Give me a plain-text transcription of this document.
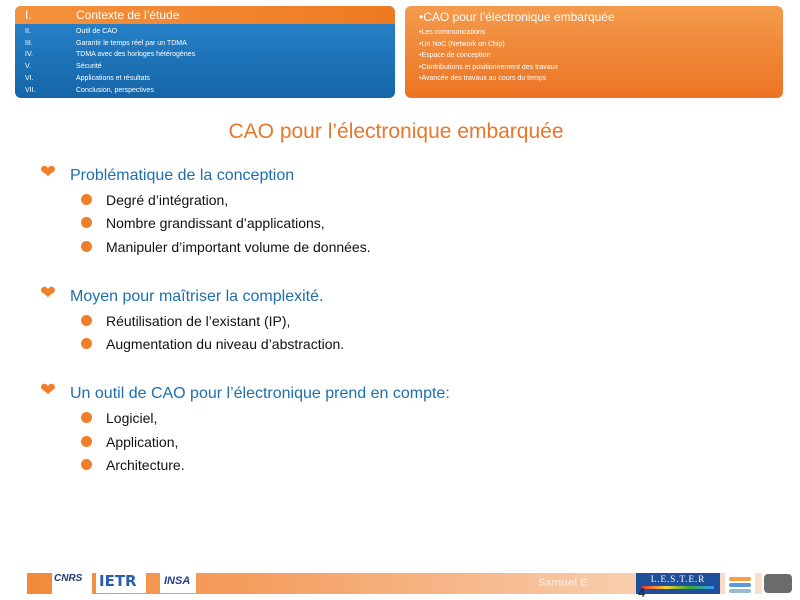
I.	Contexte de l’étude
II.	Outil de CAO
III.	Garantir le temps réel par un TDMA
IV.	TDMA avec des horloges hétérogènes
V.	Sécurité
VI.	Applications et résultats
VII.	Conclusion, perspectives
•CAO pour l’électronique embarquée
•Les communications
•Un NoC (Network on Chip)
•Espace de conception
•Contributions et positionnement des travaux
•Avancée des travaux au cours du temps
CAO pour l’électronique embarquée
❤ Problématique de la conception
Degré d’intégration,
Nombre grandissant d’applications,
Manipuler d’important volume de données.
❤ Moyen pour maîtriser la complexité.
Réutilisation de l’existant (IP),
Augmentation du niveau d’abstraction.
❤ Un outil de CAO pour l’électronique prend en compte:
Logiciel,
Application,
Architecture.
Samuel E
CNRS IETR INSA	L.E.S.T.E.R
4
